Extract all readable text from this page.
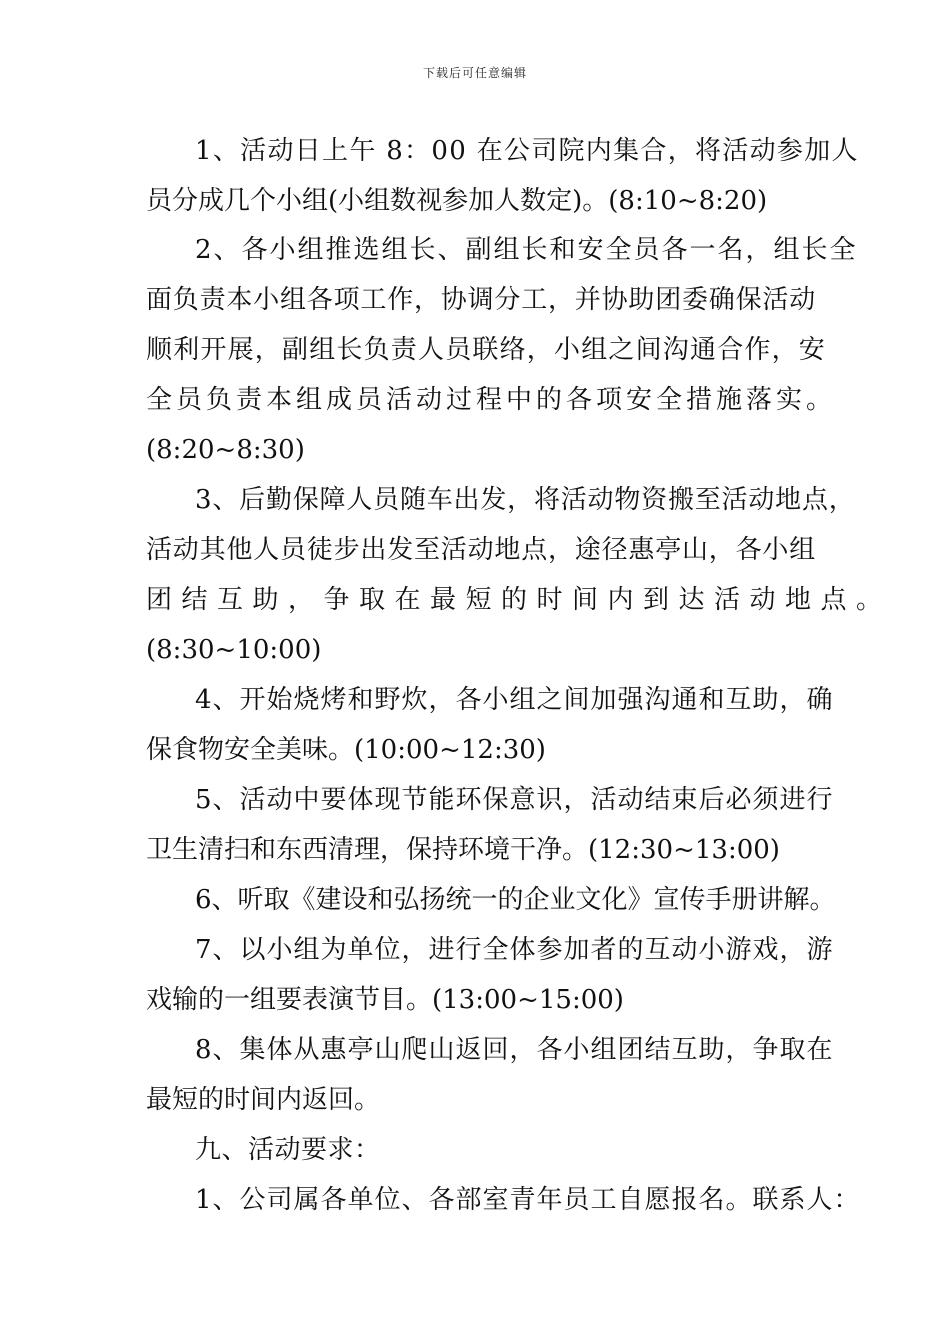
下载后可任意编辑
1、活动日上午 8：00 在公司院内集合，将活动参加人
员分成几个小组(小组数视参加人数定)。(8:10~8:20)
2、各小组推选组长、副组长和安全员各一名，组长全
面负责本小组各项工作，协调分工，并协助团委确保活动
顺利开展，副组长负责人员联络，小组之间沟通合作，安
全员负责本组成员活动过程中的各项安全措施落实。
(8:20~8:30)
3、后勤保障人员随车出发，将活动物资搬至活动地点，
活动其他人员徒步出发至活动地点，途径惠亭山，各小组
团结互助，争取在最短的时间内到达活动地点。
(8:30~10:00)
4、开始烧烤和野炊，各小组之间加强沟通和互助，确
保食物安全美味。(10:00~12:30)
5、活动中要体现节能环保意识，活动结束后必须进行
卫生清扫和东西清理，保持环境干净。(12:30~13:00)
6、听取《建设和弘扬统一的企业文化》宣传手册讲解。
7、以小组为单位，进行全体参加者的互动小游戏，游
戏输的一组要表演节目。(13:00~15:00)
8、集体从惠亭山爬山返回，各小组团结互助，争取在
最短的时间内返回。
九、活动要求：
1、公司属各单位、各部室青年员工自愿报名。联系人：
